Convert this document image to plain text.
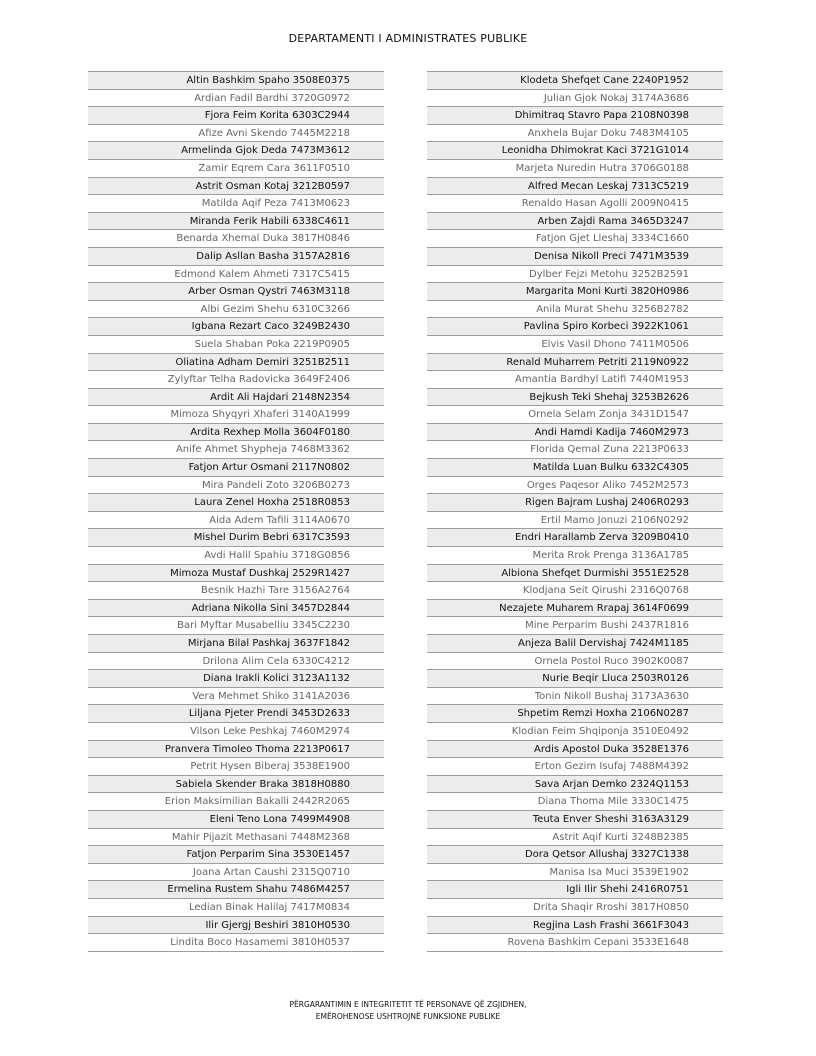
DEPARTAMENTI I ADMINISTRATES PUBLIKE
Altin Bashkim Spaho 3508E0375
Ardian Fadil Bardhi 3720G0972
Fjora Feim Korita 6303C2944
Afize Avni Skendo 7445M2218
Armelinda Gjok Deda 7473M3612
Zamir Eqrem Cara 3611F0510
Astrit Osman Kotaj 3212B0597
Matilda Aqif Peza 7413M0623
Miranda Ferik Habili 6338C4611
Benarda Xhemal Duka 3817H0846
Dalip Asllan Basha 3157A2816
Edmond Kalem Ahmeti 7317C5415
Arber Osman Qystri 7463M3118
Albi Gezim Shehu 6310C3266
Igbana Rezart Caco 3249B2430
Suela Shaban Poka 2219P0905
Oliatina Adham Demiri 3251B2511
Zylyftar Telha Radovicka 3649F2406
Ardit Ali Hajdari 2148N2354
Mimoza Shyqyri Xhaferi 3140A1999
Ardita Rexhep Molla 3604F0180
Anife Ahmet Shypheja 7468M3362
Fatjon Artur Osmani 2117N0802
Mira Pandeli Zoto 3206B0273
Laura Zenel Hoxha 2518R0853
Aida Adem Tafili 3114A0670
Mishel Durim Bebri 6317C3593
Avdi Halil Spahiu 3718G0856
Mimoza Mustaf Dushkaj 2529R1427
Besnik Hazhi Tare 3156A2764
Adriana Nikolla Sini 3457D2844
Bari Myftar Musabelliu 3345C2230
Mirjana Bilal Pashkaj 3637F1842
Drilona Alim Cela 6330C4212
Diana Irakli Kolici 3123A1132
Vera Mehmet Shiko 3141A2036
Liljana Pjeter Prendi 3453D2633
Vilson Leke Peshkaj 7460M2974
Pranvera Timoleo Thoma 2213P0617
Petrit Hysen Biberaj 3538E1900
Sabiela Skender Braka 3818H0880
Erion Maksimilian Bakalli 2442R2065
Eleni Teno Lona 7499M4908
Mahir Pijazit Methasani 7448M2368
Fatjon Perparim Sina 3530E1457
Joana Artan Caushi 2315Q0710
Ermelina Rustem Shahu 7486M4257
Ledian Binak Halilaj 7417M0834
Ilir Gjergj Beshiri 3810H0530
Lindita Boco Hasamemi 3810H0537
Klodeta Shefqet Cane 2240P1952
Julian Gjok Nokaj 3174A3686
Dhimitraq Stavro Papa 2108N0398
Anxhela Bujar Doku 7483M4105
Leonidha Dhimokrat Kaci 3721G1014
Marjeta Nuredin Hutra 3706G0188
Alfred Mecan Leskaj 7313C5219
Renaldo Hasan Agolli 2009N0415
Arben Zajdi Rama 3465D3247
Fatjon Gjet Lleshaj 3334C1660
Denisa Nikoll Preci 7471M3539
Dylber Fejzi Metohu 3252B2591
Margarita Moni Kurti 3820H0986
Anila Murat Shehu 3256B2782
Pavlina Spiro Korbeci 3922K1061
Elvis Vasil Dhono 7411M0506
Renald Muharrem Petriti 2119N0922
Amantia Bardhyl Latifi 7440M1953
Bejkush Teki Shehaj 3253B2626
Ornela Selam Zonja 3431D1547
Andi Hamdi Kadija 7460M2973
Florida Qemal Zuna 2213P0633
Matilda Luan Bulku 6332C4305
Orges Paqesor Aliko 7452M2573
Rigen Bajram Lushaj 2406R0293
Ertil Mamo Jonuzi 2106N0292
Endri Harallamb Zerva 3209B0410
Merita Rrok Prenga 3136A1785
Albiona Shefqet Durmishi 3551E2528
Klodjana Seit Qirushi 2316Q0768
Nezajete Muharem Rrapaj 3614F0699
Mine Perparim Bushi 2437R1816
Anjeza Balil Dervishaj 7424M1185
Ornela Postol Ruco 3902K0087
Nurie Beqir Lluca 2503R0126
Tonin Nikoll Bushaj 3173A3630
Shpetim Remzi Hoxha 2106N0287
Klodian Feim Shqiponja 3510E0492
Ardis Apostol Duka 3528E1376
Erton Gezim Isufaj 7488M4392
Sava Arjan Demko 2324Q1153
Diana Thoma Mile 3330C1475
Teuta Enver Sheshi 3163A3129
Astrit Aqif Kurti 3248B2385
Dora Qetsor Allushaj 3327C1338
Manisa Isa Muci 3539E1902
Igli Ilir Shehi 2416R0751
Drita Shaqir Rroshi 3817H0850
Regjina Lash Frashi 3661F3043
Rovena Bashkim Cepani 3533E1648
PËRGARANTIMIN E INTEGRITETIT TË PERSONAVE QË ZGJIDHEN,
EMËROHENOSE USHTROJNË FUNKSIONE PUBLIKE
